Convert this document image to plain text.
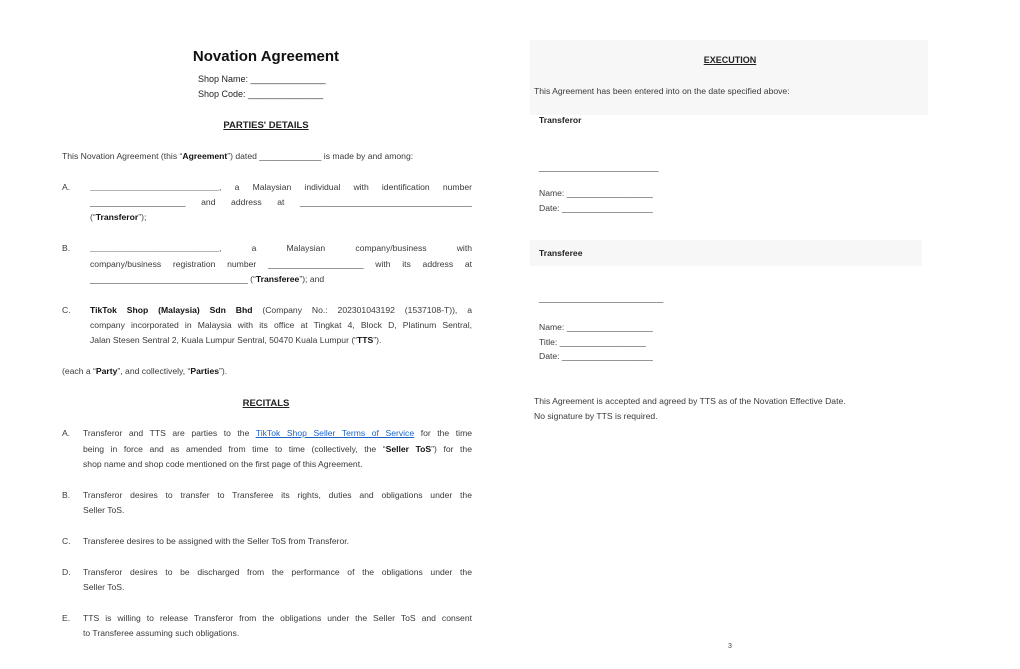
Novation Agreement
Shop Name: _______________
Shop Code: _______________
PARTIES' DETAILS
This Novation Agreement (this “Agreement”) dated _____________ is made by and among:
A. ___________________________, a Malaysian individual with identification number
____________________ and address at ____________________________________
(“Transferor”);
B. ___________________________, a Malaysian company/business with
company/business registration number ____________________ with its address at
_________________________________ (“Transferee”); and
C. TikTok Shop (Malaysia) Sdn Bhd (Company No.: 202301043192 (1537108-T)), a
company incorporated in Malaysia with its office at Tingkat 4, Block D, Platinum Sentral,
Jalan Stesen Sentral 2, Kuala Lumpur Sentral, 50470 Kuala Lumpur (“TTS”).
(each a “Party”, and collectively, “Parties”).
RECITALS
A. Transferor and TTS are parties to the TikTok Shop Seller Terms of Service for the time
being in force and as amended from time to time (collectively, the “Seller ToS”) for the
shop name and shop code mentioned on the first page of this Agreement.
B. Transferor desires to transfer to Transferee its rights, duties and obligations under the
Seller ToS.
C. Transferee desires to be assigned with the Seller ToS from Transferor.
D. Transferor desires to be discharged from the performance of the obligations under the
Seller ToS.
E. TTS is willing to release Transferor from the obligations under the Seller ToS and consent
to Transferee assuming such obligations.
EXECUTION
This Agreement has been entered into on the date specified above:
Transferor
_________________________
Name: __________________
Date: ___________________
Transferee
__________________________
Name: __________________
Title: __________________
Date: ___________________
This Agreement is accepted and agreed by TTS as of the Novation Effective Date.
No signature by TTS is required.
3
